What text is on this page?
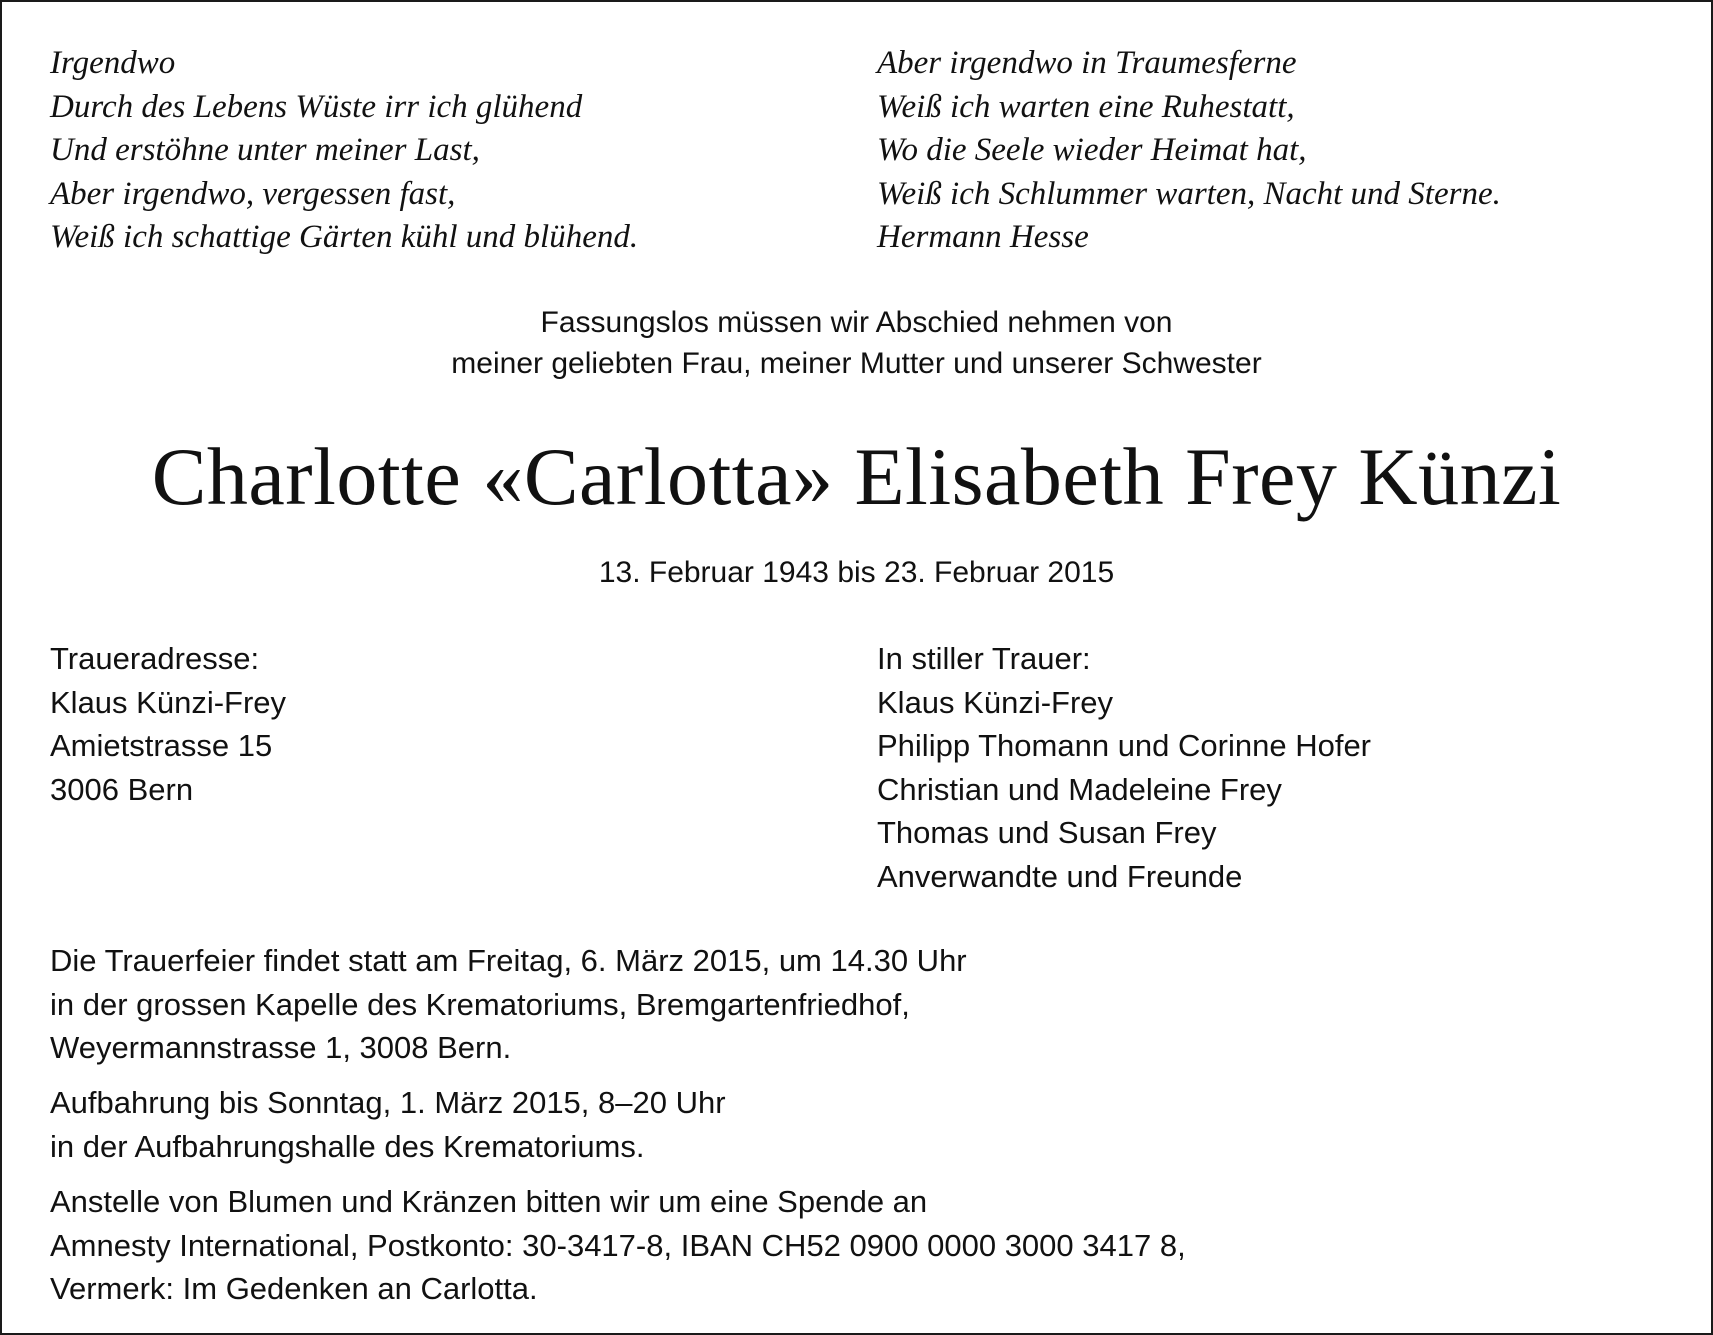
Irgendwo
Durch des Lebens Wüste irr ich glühend
Und erstöhne unter meiner Last,
Aber irgendwo, vergessen fast,
Weiß ich schattige Gärten kühl und blühend.
Aber irgendwo in Traumesferne
Weiß ich warten eine Ruhestatt,
Wo die Seele wieder Heimat hat,
Weiß ich Schlummer warten, Nacht und Sterne.
Hermann Hesse
Fassungslos müssen wir Abschied nehmen von
meiner geliebten Frau, meiner Mutter und unserer Schwester
Charlotte «Carlotta» Elisabeth Frey Künzi
13. Februar 1943 bis 23. Februar 2015
Traueradresse:
Klaus Künzi-Frey
Amietstrasse 15
3006 Bern
In stiller Trauer:
Klaus Künzi-Frey
Philipp Thomann und Corinne Hofer
Christian und Madeleine Frey
Thomas und Susan Frey
Anverwandte und Freunde
Die Trauerfeier findet statt am Freitag, 6. März 2015, um 14.30 Uhr
in der grossen Kapelle des Krematoriums, Bremgartenfriedhof,
Weyermannstrasse 1, 3008 Bern.
Aufbahrung bis Sonntag, 1. März 2015, 8–20 Uhr
in der Aufbahrungshalle des Krematoriums.
Anstelle von Blumen und Kränzen bitten wir um eine Spende an
Amnesty International, Postkonto: 30-3417-8, IBAN CH52 0900 0000 3000 3417 8,
Vermerk: Im Gedenken an Carlotta.
